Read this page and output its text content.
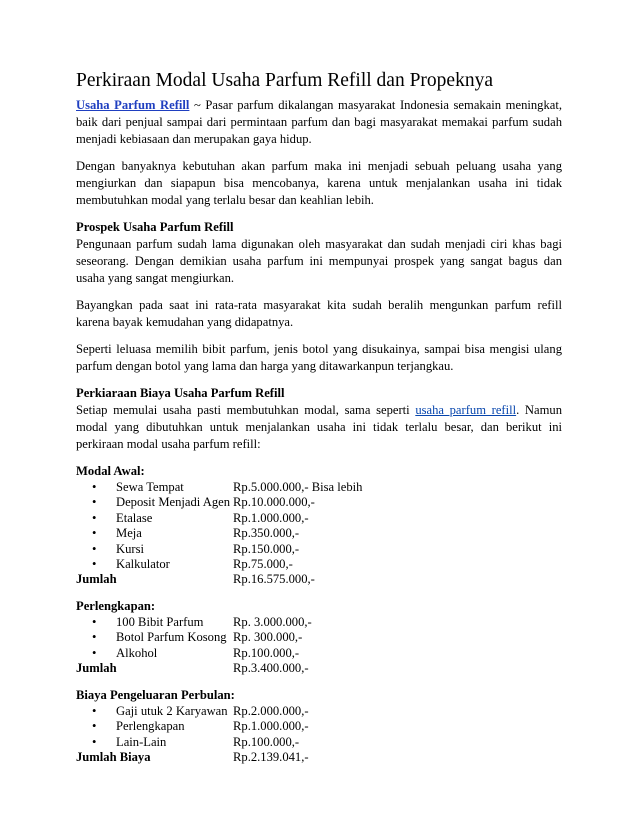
Perkiraan Modal Usaha Parfum Refill dan Propeknya

Usaha Parfum Refill ~ Pasar parfum dikalangan masyarakat Indonesia semakain meningkat, baik dari penjual sampai dari permintaan parfum dan bagi masyarakat memakai parfum sudah menjadi kebiasaan dan merupakan gaya hidup.

Dengan banyaknya kebutuhan akan parfum maka ini menjadi sebuah peluang usaha yang mengiurkan dan siapapun bisa mencobanya, karena untuk menjalankan usaha ini tidak membutuhkan modal yang terlalu besar dan keahlian lebih.

Prospek Usaha Parfum Refill

Pengunaan parfum sudah lama digunakan oleh masyarakat dan sudah menjadi ciri khas bagi seseorang. Dengan demikian usaha parfum ini mempunyai prospek yang sangat bagus dan usaha yang sangat mengiurkan.

Bayangkan pada saat ini rata-rata masyarakat kita sudah beralih mengunkan parfum refill karena bayak kemudahan yang didapatnya.

Seperti leluasa memilih bibit parfum, jenis botol yang disukainya, sampai bisa mengisi ulang parfum dengan botol yang lama dan harga yang ditawarkanpun terjangkau.

Perkiaraan Biaya Usaha Parfum Refill

Setiap memulai usaha pasti membutuhkan modal, sama seperti usaha parfum refill. Namun modal yang dibutuhkan untuk menjalankan usaha ini tidak terlalu besar, dan berikut ini perkiraan modal usaha parfum refill:

Modal Awal:
•	Sewa Tempat	Rp.5.000.000,- Bisa lebih
•	Deposit Menjadi Agen Rp.10.000.000,-
•	Etalase	Rp.1.000.000,-
•	Meja	Rp.350.000,-
•	Kursi	Rp.150.000,-
•	Kalkulator	Rp.75.000,-
Jumlah	Rp.16.575.000,-
Perlengkapan:
•	100 Bibit Parfum	Rp. 3.000.000,-
•	Botol Parfum Kosong Rp. 300.000,-
•	Alkohol	Rp.100.000,-
Jumlah	Rp.3.400.000,-
Biaya Pengeluaran Perbulan:
•	Gaji utuk 2 Karyawan Rp.2.000.000,-
•	Perlengkapan	Rp.1.000.000,-
•	Lain-Lain	Rp.100.000,-
Jumlah Biaya	Rp.2.139.041,-
